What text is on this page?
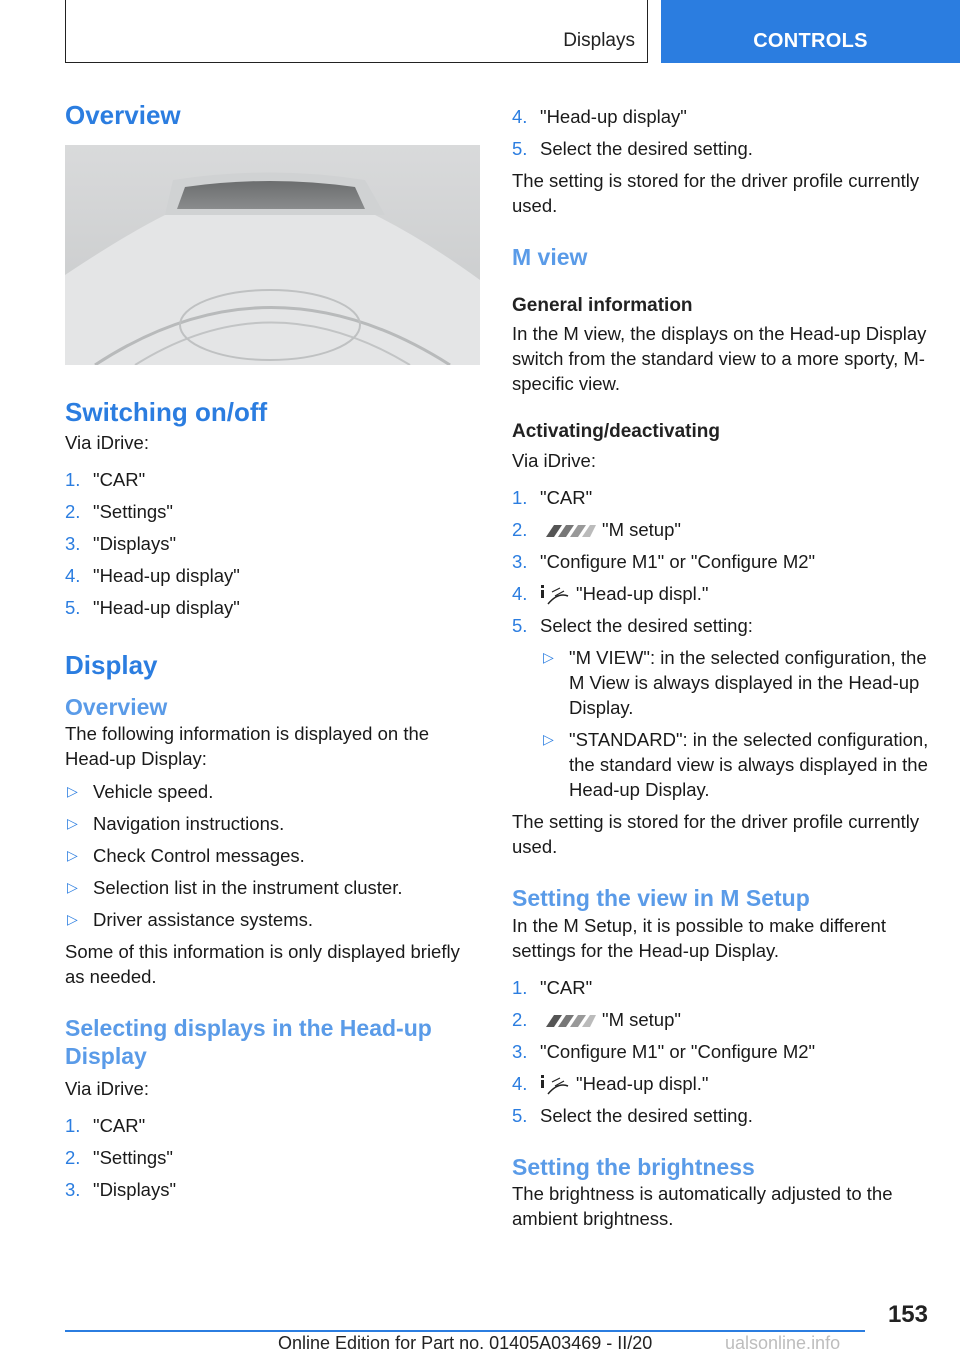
Displays	CONTROLS
Overview
Switching on/off

Via iDrive:

1. "CAR"
2. "Settings"
3. "Displays"
4. "Head-up display"
5. "Head-up display"
Display
Overview

The following information is displayed on the Head-up Display:

▷ Vehicle speed.
▷ Navigation instructions.
▷ Check Control messages.
▷ Selection list in the instrument cluster.
▷ Driver assistance systems.

Some of this information is only displayed briefly as needed.

Selecting displays in the Head-up Display

Via iDrive:

1. "CAR"
2. "Settings"
3. "Displays"
4. "Head-up display"
5. Select the desired setting.

The setting is stored for the driver profile currently used.

M view
General information

In the M view, the displays on the Head-up Display switch from the standard view to a more sporty, M-specific view.

Activating/deactivating

Via iDrive:

1. "CAR"
2.	"M setup"
3. "Configure M1" or "Configure M2"
4.	"Head-up displ."
5. Select the desired setting:
▷ "M VIEW": in the selected configuration, the M View is always displayed in the Head-up Display.
▷ "STANDARD": in the selected configuration, the standard view is always displayed in the Head-up Display.

The setting is stored for the driver profile currently used.

Setting the view in M Setup

In the M Setup, it is possible to make different settings for the Head-up Display.

1. "CAR"
2.	"M setup"
3. "Configure M1" or "Configure M2"
4.	"Head-up displ."
5. Select the desired setting.
Setting the brightness

The brightness is automatically adjusted to the ambient brightness.

153
Online Edition for Part no. 01405A03469 - II/20	ualsonline.info
